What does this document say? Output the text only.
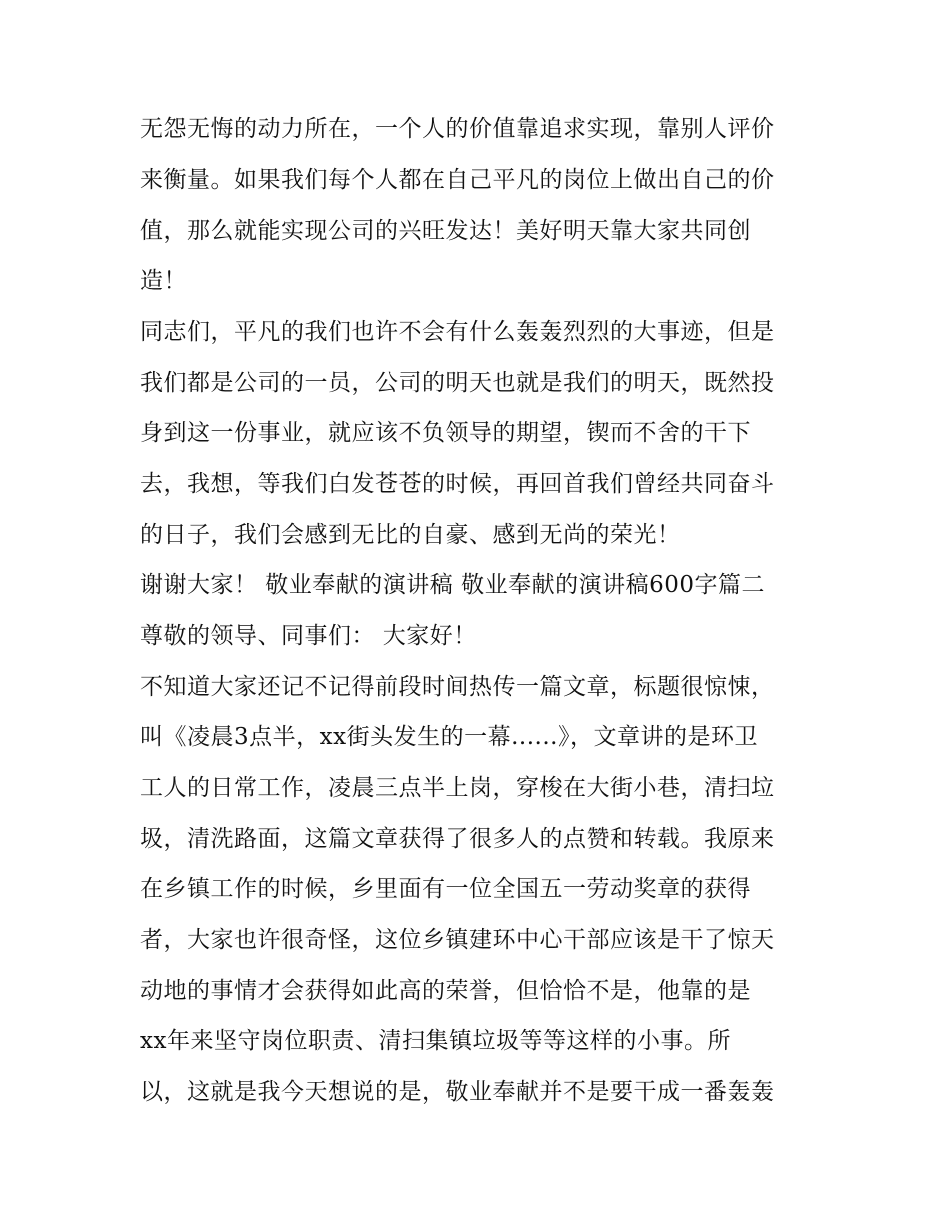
无怨无悔的动力所在，一个人的价值靠追求实现，靠别人评价
来衡量。如果我们每个人都在自己平凡的岗位上做出自己的价
值，那么就能实现公司的兴旺发达！美好明天靠大家共同创
造！
同志们，平凡的我们也许不会有什么轰轰烈烈的大事迹，但是
我们都是公司的一员，公司的明天也就是我们的明天，既然投
身到这一份事业，就应该不负领导的期望，锲而不舍的干下
去，我想，等我们白发苍苍的时候，再回首我们曾经共同奋斗
的日子，我们会感到无比的自豪、感到无尚的荣光！
谢谢大家！ 敬业奉献的演讲稿 敬业奉献的演讲稿600字篇二
尊敬的领导、同事们： 大家好！
不知道大家还记不记得前段时间热传一篇文章，标题很惊悚，
叫《凌晨3点半，xx街头发生的一幕......》，文章讲的是环卫
工人的日常工作，凌晨三点半上岗，穿梭在大街小巷，清扫垃
圾，清洗路面，这篇文章获得了很多人的点赞和转载。我原来
在乡镇工作的时候，乡里面有一位全国五一劳动奖章的获得
者，大家也许很奇怪，这位乡镇建环中心干部应该是干了惊天
动地的事情才会获得如此高的荣誉，但恰恰不是，他靠的是
xx年来坚守岗位职责、清扫集镇垃圾等等这样的小事。所
以，这就是我今天想说的是，敬业奉献并不是要干成一番轰轰
